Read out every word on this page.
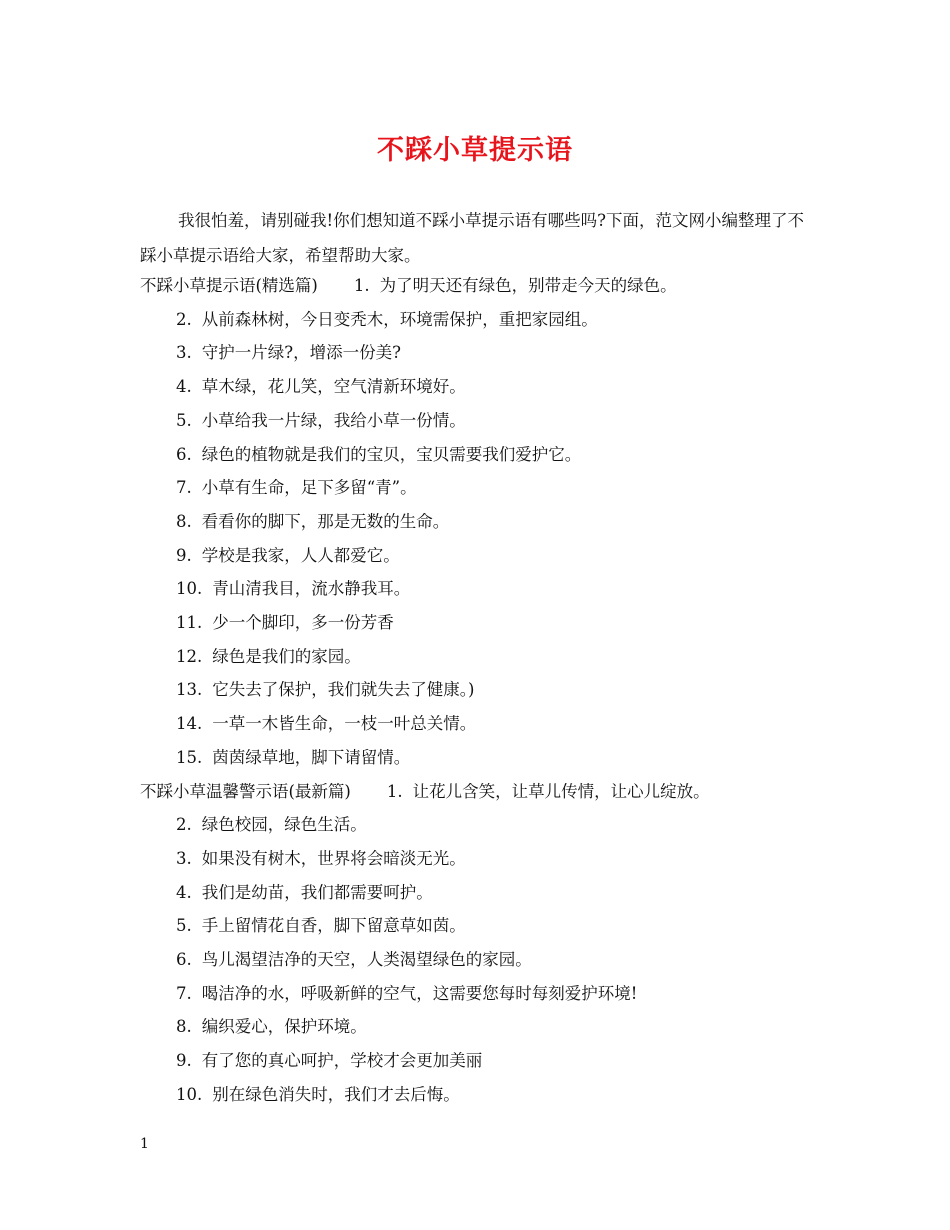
不踩小草提示语
我很怕羞，请别碰我!你们想知道不踩小草提示语有哪些吗?下面，范文网小编整理了不踩小草提示语给大家，希望帮助大家。
不踩小草提示语(精选篇) 1. 为了明天还有绿色，别带走今天的绿色。
2. 从前森林树，今日变秃木，环境需保护，重把家园组。
3. 守护一片绿?，增添一份美?
4. 草木绿，花儿笑，空气清新环境好。
5. 小草给我一片绿，我给小草一份情。
6. 绿色的植物就是我们的宝贝，宝贝需要我们爱护它。
7. 小草有生命，足下多留“青”。
8. 看看你的脚下，那是无数的生命。
9. 学校是我家，人人都爱它。
10. 青山清我目，流水静我耳。
11. 少一个脚印，多一份芳香
12. 绿色是我们的家园。
13. 它失去了保护，我们就失去了健康。)
14. 一草一木皆生命，一枝一叶总关情。
15. 茵茵绿草地，脚下请留情。
不踩小草温馨警示语(最新篇) 1. 让花儿含笑，让草儿传情，让心儿绽放。
2. 绿色校园，绿色生活。
3. 如果没有树木，世界将会暗淡无光。
4. 我们是幼苗，我们都需要呵护。
5. 手上留情花自香，脚下留意草如茵。
6. 鸟儿渴望洁净的天空，人类渴望绿色的家园。
7. 喝洁净的水，呼吸新鲜的空气，这需要您每时每刻爱护环境!
8. 编织爱心，保护环境。
9. 有了您的真心呵护，学校才会更加美丽
10. 别在绿色消失时，我们才去后悔。
1
